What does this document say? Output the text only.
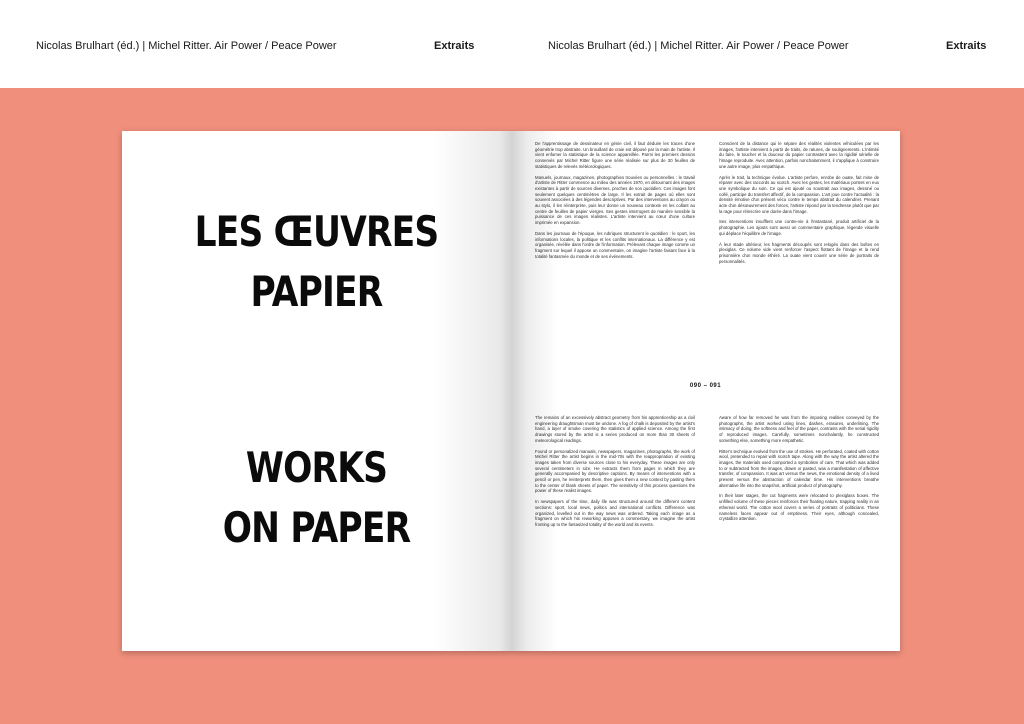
Nicolas Brulhart (éd.) | Michel Ritter. Air Power / Peace Power	Extraits	Nicolas Brulhart (éd.) | Michel Ritter. Air Power / Peace Power	Extraits
LES ŒUVRES
PAPIER
WORKS
ON PAPER

De l'apprentissage de dessinateur en génie civil, il faut déduire les traces d'une géométrie trop abstraite. Un brouillard de craie est déposé par la main de l'artiste. Il vient enfumer la statistique de la science appareillée. Parmi les premiers dessins conservés par Michel Ritter figure une série réalisée sur plus de 30 feuilles de statistiques de relevés météorologiques.

Manuels, journaux, magazines, photographies trouvées ou personnelles : le travail d'artiste de Ritter commence au milieu des années 1970, en détournant des images existantes à partir de sources diverses, proches de son quotidien. Ces images font seulement quelques centimètres de large. Il les extrait de pages où elles sont souvent associées à des légendes descriptives. Par des interventions au crayon ou au stylo, il les réinterprète, puis leur donne un nouveau contexte en les collant au centre de feuilles de papier vierges. Ses gestes interrogent de manière sensible la puissance de ces images réalistes. L'artiste intervient au cœur d'une culture imprimée en expansion.

Dans les journaux de l'époque, les rubriques structurent le quotidien : le sport, les informations locales, la politique et les conflits internationaux. La différence y est organisée, révélée dans l'ordre de l'information. Prélevant chaque image comme un fragment sur lequel il appose un commentaire, on imagine l'artiste faisant face à la totalité fantasmée du monde et de ses événements.

Conscient de la distance qui le sépare des réalités violentes véhiculées par les images, l'artiste intervient à partir de traits, de ratures, de soulignements. L'intimité du faire, le toucher et la douceur du papier contrastent avec la rigidité sérielle de l'image reproduite. Avec attention, parfois nonchalamment, il s'applique à construire une autre image, plus empathique.

Après le trait, la technique évolue. L'artiste perfore, enrobe de ouate, fait mine de réparer avec des raccords au scotch. Avec les gestes, les matériaux portent en eux une symbolique du soin. Ce qui est ajouté ou soustrait aux images, dessiné ou collé, participe du transfert affectif, de la compassion. L'art joue contre l'actualité : la densité émotive d'un présent vécu contre le temps abstrait du calendrier. Prenant acte d'un désœuvrement des forces, l'artiste répond par la tendresse plutôt que par la rage pour réinscrire une durée dans l'image.

Ses interventions insufflent une contre-vie à l'instantané, produit artificiel de la photographie. Les ajouts sont aussi un commentaire graphique, légende visuelle qui déplace l'équilibre de l'image.

À leur stade ultérieur, les fragments découpés sont relogés dans des boîtes en plexiglas. Ce volume vide vient renforcer l'aspect flottant de l'image et la rend prisonnière d'un monde éthéré. La ouate vient couvrir une série de portraits de personnalités.

090 – 091

The remains of an excessively abstract geometry from his apprenticeship as a civil engineering draughtsman must be undone. A fog of chalk is deposited by the artist's hand, a layer of smoke covering the statistics of applied science. Among the first drawings stored by the artist is a series produced on more than 30 sheets of meteorological readings.

Found or personalized manuals, newspapers, magazines, photographs, the work of Michel Ritter the artist begins in the mid-70s with the reappropriation of existing images taken from diverse sources close to his everyday. These images are only several centimeters in size. He extracts them from pages in which they are generally accompanied by descriptive captions. By means of interventions with a pencil or pen, he reinterprets them, then gives them a new context by pasting them to the center of blank sheets of paper. The sensitivity of this process questions the power of these realist images.

In newspapers of the time, daily life was structured around the different content sections: sport, local news, politics and international conflicts. Difference was organized, levelled out in the way news was ordered. Taking each image as a fragment on which his reworking apposes a commentary, we imagine the artist fronting up to the fantasized totality of the world and its events.

Aware of how far removed he was from the imposing realities conveyed by the photographs, the artist worked using lines, dashes, erasures, underlining. The intimacy of doing, the softness and feel of the paper, contrasts with the serial rigidity of reproduced images. Carefully, sometimes nonchalantly, he constructed something else, something more empathetic.

Ritter's technique evolved from the use of strokes. He perforated, coated with cotton wool, pretended to repair with scotch tape. Along with the way the artist altered the images, the materials used comported a symbolism of care. That which was added to or subtracted from the images, drawn or pasted, was a manifestation of affective transfer, of compassion. It was art versus the news, the emotional density of a lived present versus the abstraction of calendar time. His interventions breathe alternative life into the snapshot, artificial product of photography.

In their later stages, the cut fragments were relocated to plexiglass boxes. The unfilled volume of these pieces reinforces their floating nature, trapping reality in an ethereal world. The cotton wool covers a series of portraits of politicians. These nameless faces appear out of emptiness. Their eyes, although concealed, crystallize attention.
